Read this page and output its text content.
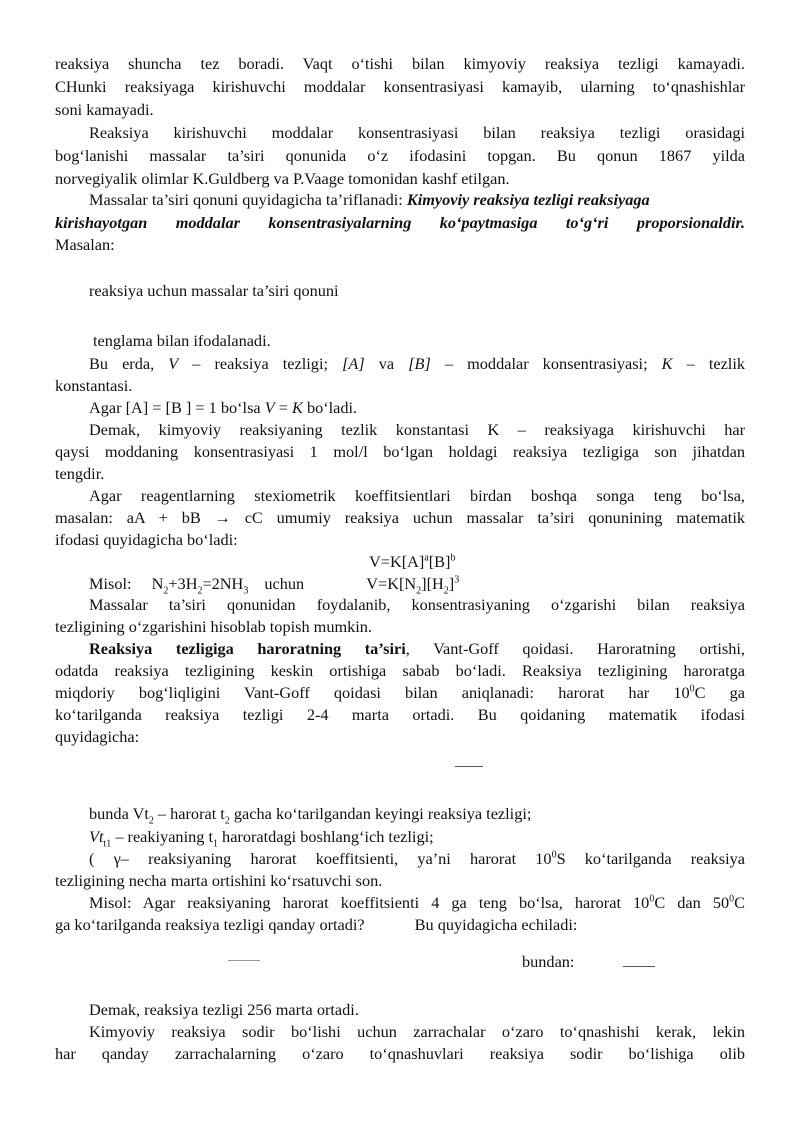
reaksiya shuncha tez boradi. Vaqt o‘tishi bilan kimyoviy reaksiya tezligi kamayadi.
CHunki reaksiyaga kirishuvchi moddalar konsentrasiyasi kamayib, ularning to‘qnashishlar
soni kamayadi.
Reaksiya kirishuvchi moddalar konsentrasiyasi bilan reaksiya tezligi orasidagi
bog‘lanishi massalar ta’siri qonunida o‘z ifodasini topgan. Bu qonun 1867 yilda
norvegiyalik olimlar K.Guldberg va P.Vaage tomonidan kashf etilgan.
Massalar ta’siri qonuni quyidagicha ta’riflanadi: Kimyoviy reaksiya tezligi reaksiyaga
kirishayotgan moddalar konsentrasiyalarning ko‘paytmasiga to‘g‘ri proporsionaldir.
Masalan:
reaksiya uchun massalar ta’siri qonuni
tenglama bilan ifodalanadi.
Bu erda, V – reaksiya tezligi; [A] va [B] – moddalar konsentrasiyasi; K – tezlik
konstantasi.
Agar [A] = [B ] = 1 bo‘lsa V = K bo‘ladi.
Demak, kimyoviy reaksiyaning tezlik konstantasi K – reaksiyaga kirishuvchi har
qaysi moddaning konsentrasiyasi 1 mol/l bo‘lgan holdagi reaksiya tezligiga son jihatdan
tengdir.
Agar reagentlarning stexiometrik koeffitsientlari birdan boshqa songa teng bo‘lsa,
masalan: aA + bB → cC umumiy reaksiya uchun massalar ta’siri qonunining matematik
ifodasi quyidagicha bo‘ladi:
$V=K[A]^a[B]^b$
Misol: $N_2+3H_2=2NH_3$ uchun	$V=K[N_2][H_2]^3$
Massalar ta’siri qonunidan foydalanib, konsentrasiyaning o‘zgarishi bilan reaksiya
tezligining o‘zgarishini hisoblab topish mumkin.
Reaksiya tezligiga haroratning ta’siri, Vant-Goff qoidasi. Haroratning ortishi,
odatda reaksiya tezligining keskin ortishiga sabab bo‘ladi. Reaksiya tezligining haroratga
miqdoriy bog‘liqligini Vant-Goff qoidasi bilan aniqlanadi: harorat har $10^0C$ ga
ko‘tarilganda reaksiya tezligi 2-4 marta ortadi. Bu qoidaning matematik ifodasi
quyidagicha:
bunda $Vt_2$ – harorat $t_2$ gacha ko‘tarilgandan keyingi reaksiya tezligi;
$Vt_{t1}$ – reakiyaning $t_1$ haroratdagi boshlang‘ich tezligi;
( γ– reaksiyaning harorat koeffitsienti, ya’ni harorat $10^0S$ ko‘tarilganda reaksiya
tezligining necha marta ortishini ko‘rsatuvchi son.
Misol: Agar reaksiyaning harorat koeffitsienti 4 ga teng bo‘lsa, harorat $10^0C$ dan $50^0C$
ga ko‘tarilganda reaksiya tezligi qanday ortadi?	Bu quyidagicha echiladi:
bundan:
Demak, reaksiya tezligi 256 marta ortadi.
Kimyoviy reaksiya sodir bo‘lishi uchun zarrachalar o‘zaro to‘qnashishi kerak, lekin
har qanday zarrachalarning o‘zaro to‘qnashuvlari reaksiya sodir bo‘lishiga olib
